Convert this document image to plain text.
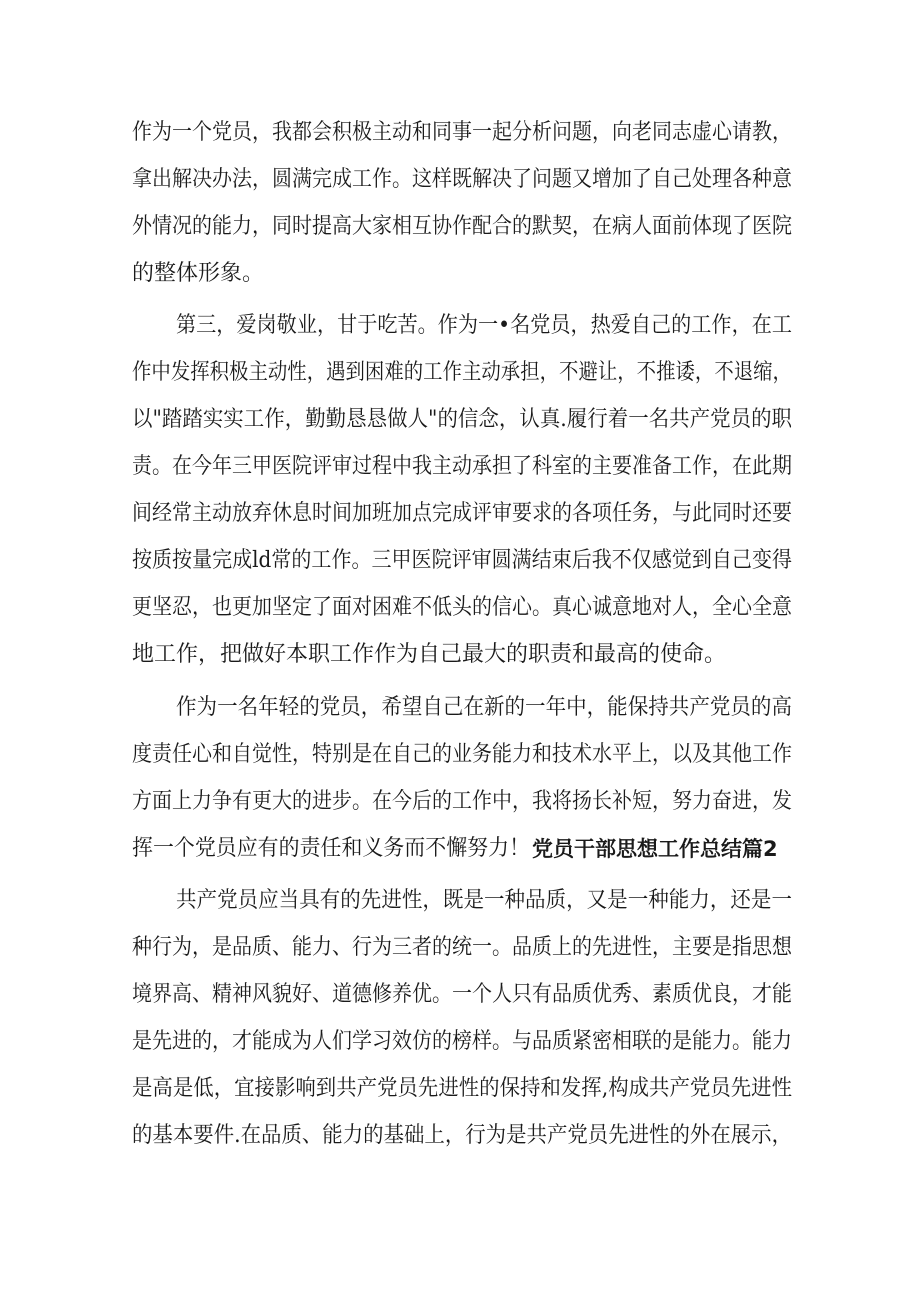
作为一个党员，我都会积极主动和同事一起分析问题，向老同志虚心请教，
拿出解决办法，圆满完成工作。这样既解决了问题又增加了自己处理各种意
外情况的能力，同时提高大家相互协作配合的默契，在病人面前体现了医院
的整体形象。
第三，爱岗敬业，甘于吃苦。作为一•名党员，热爱自己的工作，在工
作中发挥积极主动性，遇到困难的工作主动承担，不避让，不推诿，不退缩，
以"踏踏实实工作，勤勤恳恳做人"的信念，认真.履行着一名共产党员的职
责。在今年三甲医院评审过程中我主动承担了科室的主要准备工作，在此期
间经常主动放弃休息时间加班加点完成评审要求的各项任务，与此同时还要
按质按量完成ld常的工作。三甲医院评审圆满结束后我不仅感觉到自己变得
更坚忍，也更加坚定了面对困难不低头的信心。真心诚意地对人，全心全意
地工作，把做好本职工作作为自己最大的职责和最高的使命。
作为一名年轻的党员，希望自己在新的一年中，能保持共产党员的高
度责任心和自觉性，特别是在自己的业务能力和技术水平上，以及其他工作
方面上力争有更大的进步。在今后的工作中，我将扬长补短，努力奋进，发
挥一个党员应有的责任和义务而不懈努力！ 党员干部思想工作总结篇2
共产党员应当具有的先进性，既是一种品质，又是一种能力，还是一
种行为，是品质、能力、行为三者的统一。品质上的先进性，主要是指思想
境界高、精神风貌好、道德修养优。一个人只有品质优秀、素质优良，才能
是先进的，才能成为人们学习效仿的榜样。与品质紧密相联的是能力。能力
是高是低，宜接影响到共产党员先进性的保持和发挥,构成共产党员先进性
的基本要件.在品质、能力的基础上，行为是共产党员先进性的外在展示，
